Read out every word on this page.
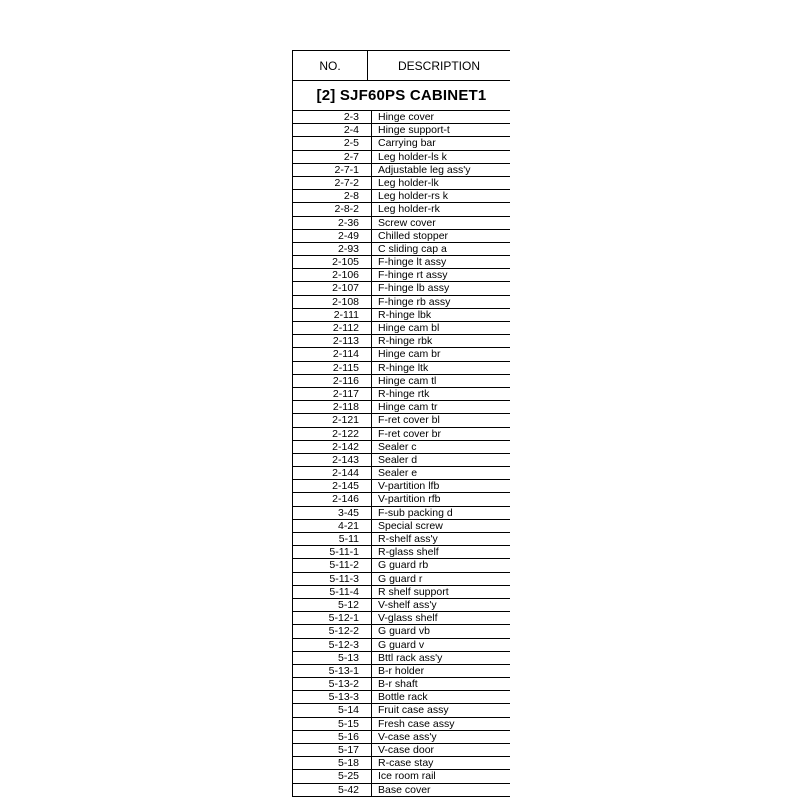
NO.	DESCRIPTION
[2] SJF60PS CABINET1
2-3	Hinge cover
2-4	Hinge support-t
2-5	Carrying bar
2-7	Leg holder-ls k
2-7-1	Adjustable leg ass'y
2-7-2	Leg holder-lk
2-8	Leg holder-rs k
2-8-2	Leg holder-rk
2-36	Screw cover
2-49	Chilled stopper
2-93	C sliding cap a
2-105	F-hinge lt assy
2-106	F-hinge rt assy
2-107	F-hinge lb assy
2-108	F-hinge rb assy
2-111	R-hinge lbk
2-112	Hinge cam bl
2-113	R-hinge rbk
2-114	Hinge cam br
2-115	R-hinge ltk
2-116	Hinge cam tl
2-117	R-hinge rtk
2-118	Hinge cam tr
2-121	F-ret cover bl
2-122	F-ret cover br
2-142	Sealer c
2-143	Sealer d
2-144	Sealer e
2-145	V-partition lfb
2-146	V-partition rfb
3-45	F-sub packing d
4-21	Special screw
5-11	R-shelf ass'y
5-11-1	R-glass shelf
5-11-2	G guard rb
5-11-3	G guard r
5-11-4	R shelf support
5-12	V-shelf ass'y
5-12-1	V-glass shelf
5-12-2	G guard vb
5-12-3	G guard v
5-13	Bttl rack ass'y
5-13-1	B-r holder
5-13-2	B-r shaft
5-13-3	Bottle rack
5-14	Fruit case assy
5-15	Fresh case assy
5-16	V-case ass'y
5-17	V-case door
5-18	R-case stay
5-25	Ice room rail
5-42	Base cover
